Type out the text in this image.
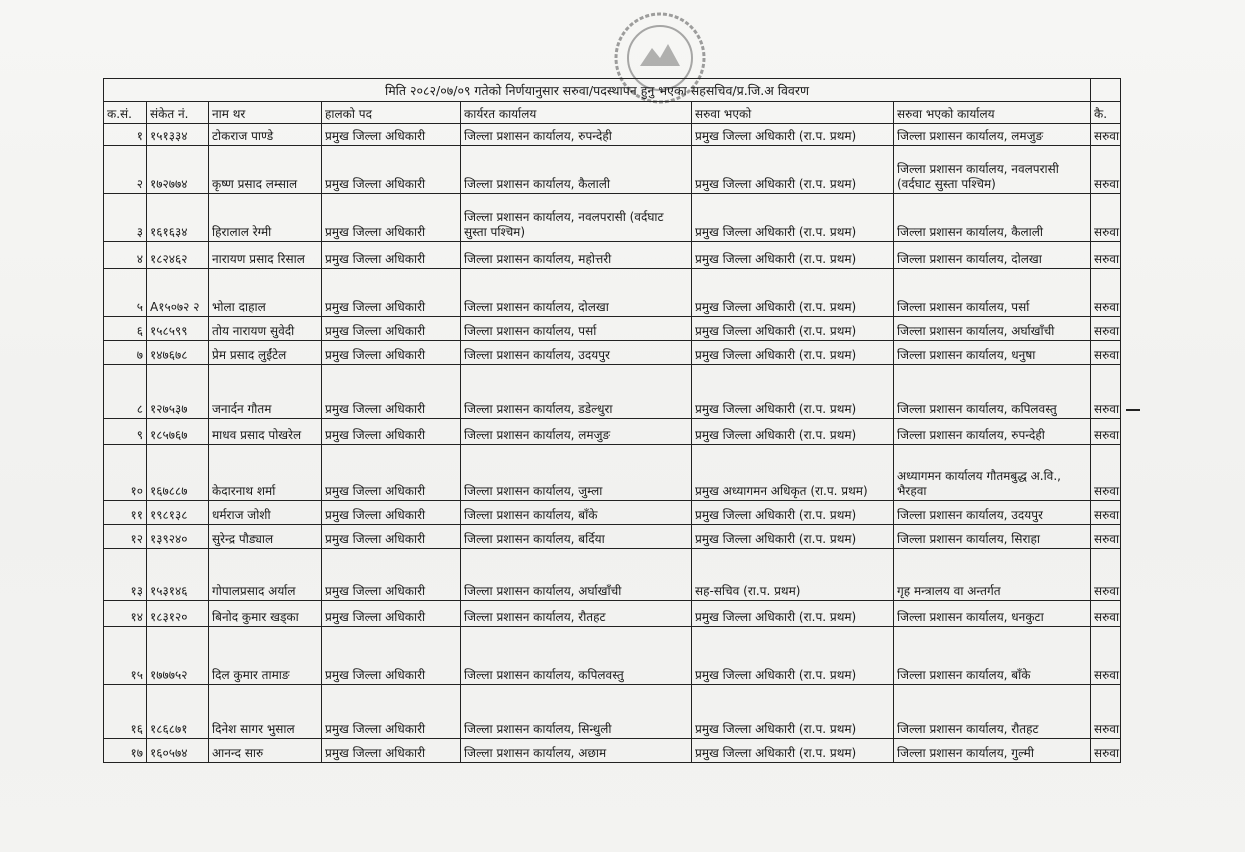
मिति २०८२/०७/०९ गतेको निर्णयानुसार सरुवा/पदस्थापन हुनु भएका सहसचिव/प्र.जि.अ विवरण							
क.सं.	संकेत नं.	नाम थर	हालको पद	कार्यरत कार्यालय	सरुवा भएको	सरुवा भएको कार्यालय	कै.
१	१५१३३४	टोकराज पाण्डे	प्रमुख जिल्ला अधिकारी	जिल्ला प्रशासन कार्यालय, रुपन्देही	प्रमुख जिल्ला अधिकारी (रा.प. प्रथम)	जिल्ला प्रशासन कार्यालय, लमजुङ	सरुवा
२	१७२७७४	कृष्ण प्रसाद लम्साल	प्रमुख जिल्ला अधिकारी	जिल्ला प्रशासन कार्यालय, कैलाली	प्रमुख जिल्ला अधिकारी (रा.प. प्रथम)	जिल्ला प्रशासन कार्यालय, नवलपरासी (वर्दघाट सुस्ता पश्चिम)	सरुवा
३	१६१६३४	हिरालाल रेग्मी	प्रमुख जिल्ला अधिकारी	जिल्ला प्रशासन कार्यालय, नवलपरासी (वर्दघाट सुस्ता पश्चिम)	प्रमुख जिल्ला अधिकारी (रा.प. प्रथम)	जिल्ला प्रशासन कार्यालय, कैलाली	सरुवा
४	१८२४६२	नारायण प्रसाद रिसाल	प्रमुख जिल्ला अधिकारी	जिल्ला प्रशासन कार्यालय, महोत्तरी	प्रमुख जिल्ला अधिकारी (रा.प. प्रथम)	जिल्ला प्रशासन कार्यालय, दोलखा	सरुवा
५	A१५०७२ २	भोला दाहाल	प्रमुख जिल्ला अधिकारी	जिल्ला प्रशासन कार्यालय, दोलखा	प्रमुख जिल्ला अधिकारी (रा.प. प्रथम)	जिल्ला प्रशासन कार्यालय, पर्सा	सरुवा
६	१५८५९९	तोय नारायण सुवेदी	प्रमुख जिल्ला अधिकारी	जिल्ला प्रशासन कार्यालय, पर्सा	प्रमुख जिल्ला अधिकारी (रा.प. प्रथम)	जिल्ला प्रशासन कार्यालय, अर्घाखाँची	सरुवा
७	१४७६७८	प्रेम प्रसाद लुईंटेल	प्रमुख जिल्ला अधिकारी	जिल्ला प्रशासन कार्यालय, उदयपुर	प्रमुख जिल्ला अधिकारी (रा.प. प्रथम)	जिल्ला प्रशासन कार्यालय, धनुषा	सरुवा
८	१२७५३७	जनार्दन गौतम	प्रमुख जिल्ला अधिकारी	जिल्ला प्रशासन कार्यालय, डडेल्धुरा	प्रमुख जिल्ला अधिकारी (रा.प. प्रथम)	जिल्ला प्रशासन कार्यालय, कपिलवस्तु	सरुवा
९	१८५७६७	माधव प्रसाद पोखरेल	प्रमुख जिल्ला अधिकारी	जिल्ला प्रशासन कार्यालय, लमजुङ	प्रमुख जिल्ला अधिकारी (रा.प. प्रथम)	जिल्ला प्रशासन कार्यालय, रुपन्देही	सरुवा
१०	१६७८८७	केदारनाथ शर्मा	प्रमुख जिल्ला अधिकारी	जिल्ला प्रशासन कार्यालय, जुम्ला	प्रमुख अध्यागमन अधिकृत (रा.प. प्रथम)	अध्यागमन कार्यालय गौतमबुद्ध अ.वि., भैरहवा	सरुवा
११	१९८१३८	धर्मराज जोशी	प्रमुख जिल्ला अधिकारी	जिल्ला प्रशासन कार्यालय, बाँके	प्रमुख जिल्ला अधिकारी (रा.प. प्रथम)	जिल्ला प्रशासन कार्यालय, उदयपुर	सरुवा
१२	१३९२४०	सुरेन्द्र पौड्याल	प्रमुख जिल्ला अधिकारी	जिल्ला प्रशासन कार्यालय, बर्दिया	प्रमुख जिल्ला अधिकारी (रा.प. प्रथम)	जिल्ला प्रशासन कार्यालय, सिराहा	सरुवा
१३	१५३१४६	गोपालप्रसाद अर्याल	प्रमुख जिल्ला अधिकारी	जिल्ला प्रशासन कार्यालय, अर्घाखाँची	सह-सचिव (रा.प. प्रथम)	गृह मन्त्रालय वा अन्तर्गत	सरुवा
१४	१८३१२०	बिनोद कुमार खड्का	प्रमुख जिल्ला अधिकारी	जिल्ला प्रशासन कार्यालय, रौतहट	प्रमुख जिल्ला अधिकारी (रा.प. प्रथम)	जिल्ला प्रशासन कार्यालय, धनकुटा	सरुवा
१५	१७७७५२	दिल कुमार तामाङ	प्रमुख जिल्ला अधिकारी	जिल्ला प्रशासन कार्यालय, कपिलवस्तु	प्रमुख जिल्ला अधिकारी (रा.प. प्रथम)	जिल्ला प्रशासन कार्यालय, बाँके	सरुवा
१६	१८६८७१	दिनेश सागर भुसाल	प्रमुख जिल्ला अधिकारी	जिल्ला प्रशासन कार्यालय, सिन्धुली	प्रमुख जिल्ला अधिकारी (रा.प. प्रथम)	जिल्ला प्रशासन कार्यालय, रौतहट	सरुवा
१७	१६०५७४	आनन्द सारु	प्रमुख जिल्ला अधिकारी	जिल्ला प्रशासन कार्यालय, अछाम	प्रमुख जिल्ला अधिकारी (रा.प. प्रथम)	जिल्ला प्रशासन कार्यालय, गुल्मी	सरुवा
